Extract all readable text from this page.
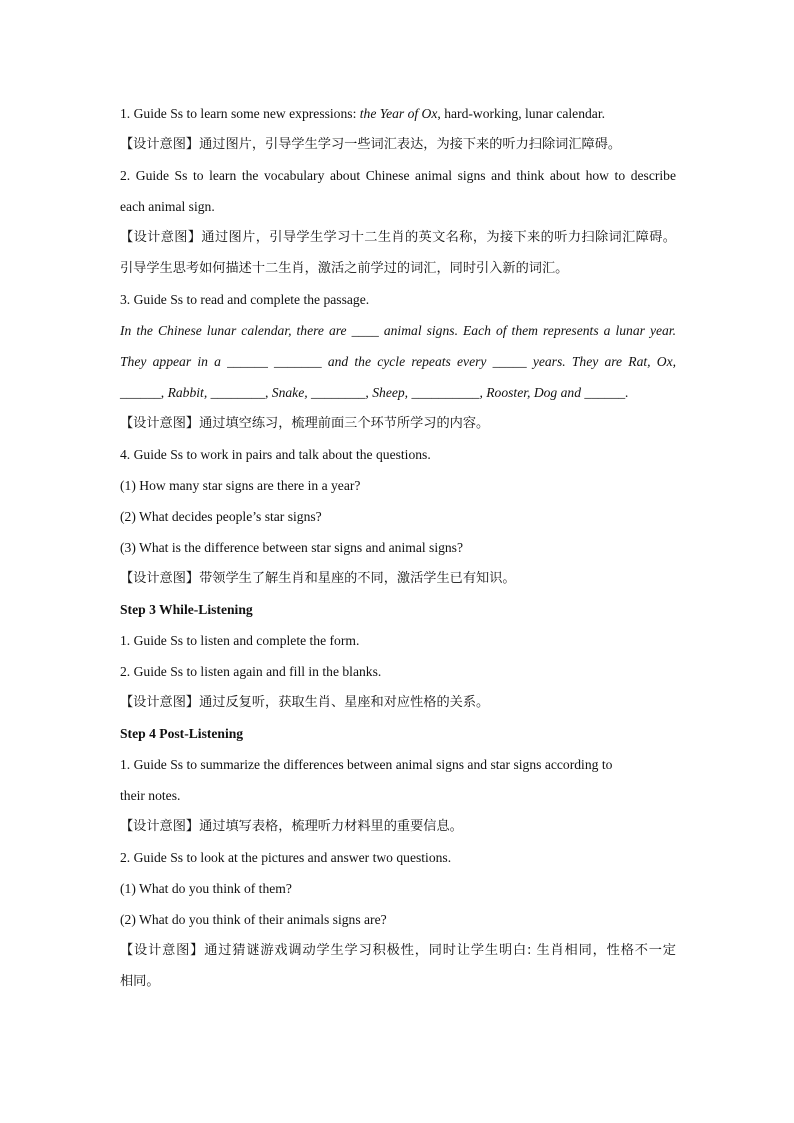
1. Guide Ss to learn some new expressions: the Year of Ox, hard-working, lunar calendar.
【设计意图】通过图片，引导学生学习一些词汇表达，为接下来的听力扫除词汇障碍。
2. Guide Ss to learn the vocabulary about Chinese animal signs and think about how to describe
each animal sign.
【设计意图】通过图片，引导学生学习十二生肖的英文名称，为接下来的听力扫除词汇障碍。
引导学生思考如何描述十二生肖，激活之前学过的词汇，同时引入新的词汇。
3. Guide Ss to read and complete the passage.
In the Chinese lunar calendar, there are ____ animal signs. Each of them represents a lunar year.
They appear in a ______ _______ and the cycle repeats every _____ years. They are Rat, Ox,
______, Rabbit, ________, Snake, ________, Sheep, __________, Rooster, Dog and ______.
【设计意图】通过填空练习，梳理前面三个环节所学习的内容。
4. Guide Ss to work in pairs and talk about the questions.
(1) How many star signs are there in a year?
(2) What decides people’s star signs?
(3) What is the difference between star signs and animal signs?
【设计意图】带领学生了解生肖和星座的不同，激活学生已有知识。
Step 3 While-Listening
1. Guide Ss to listen and complete the form.
2. Guide Ss to listen again and fill in the blanks.
【设计意图】通过反复听，获取生肖、星座和对应性格的关系。
Step 4 Post-Listening
1. Guide Ss to summarize the differences between animal signs and star signs according to
their notes.
【设计意图】通过填写表格，梳理听力材料里的重要信息。
2. Guide Ss to look at the pictures and answer two questions.
(1) What do you think of them?
(2) What do you think of their animals signs are?
【设计意图】通过猜谜游戏调动学生学习积极性，同时让学生明白: 生肖相同，性格不一定
相同。
